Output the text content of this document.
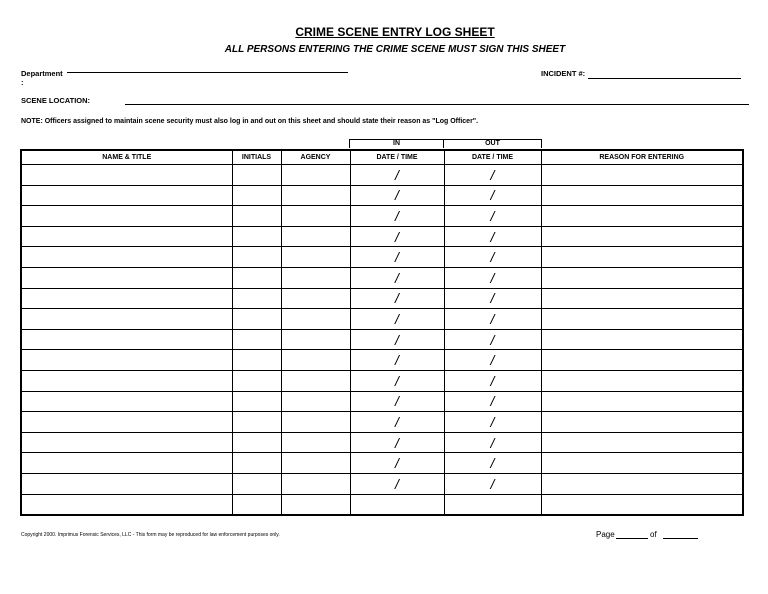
CRIME SCENE ENTRY LOG SHEET
ALL PERSONS ENTERING THE CRIME SCENE MUST SIGN THIS SHEET
Department :
INCIDENT #:
SCENE LOCATION:
NOTE: Officers assigned to maintain scene security must also log in and out on this sheet and should state their reason as "Log Officer".
IN	OUT
NAME & TITLE	INITIALS	AGENCY	DATE / TIME	DATE / TIME	REASON FOR ENTERING
			/	/	
			/	/	
			/	/	
			/	/	
			/	/	
			/	/	
			/	/	
			/	/	
			/	/	
			/	/	
			/	/	
			/	/	
			/	/	
			/	/	
			/	/	
			/	/	

Copyright 2000. Imprimus Forensic Services, LLC - This form may be reproduced for law enforcement purposes only.	Page	of
